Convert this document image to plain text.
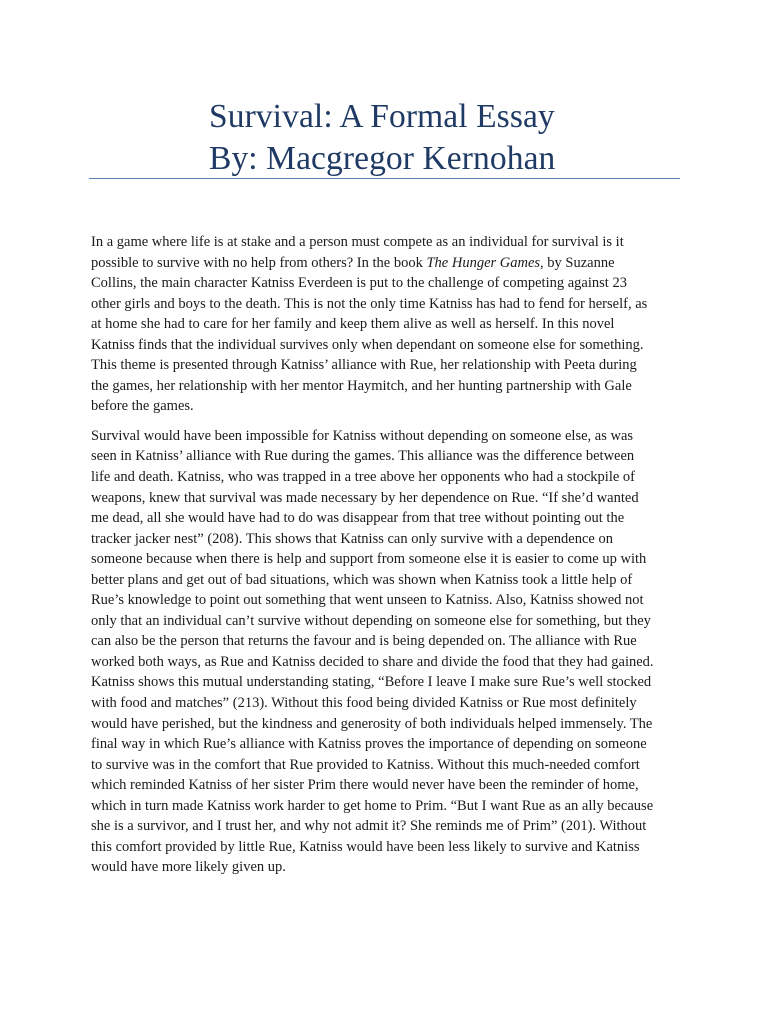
Survival: A Formal Essay
By: Macgregor Kernohan

In a game where life is at stake and a person must compete as an individual for survival is it
possible to survive with no help from others? In the book The Hunger Games, by Suzanne
Collins, the main character Katniss Everdeen is put to the challenge of competing against 23
other girls and boys to the death. This is not the only time Katniss has had to fend for herself, as
at home she had to care for her family and keep them alive as well as herself. In this novel
Katniss finds that the individual survives only when dependant on someone else for something.
This theme is presented through Katniss’ alliance with Rue, her relationship with Peeta during
the games, her relationship with her mentor Haymitch, and her hunting partnership with Gale
before the games.

Survival would have been impossible for Katniss without depending on someone else, as was
seen in Katniss’ alliance with Rue during the games. This alliance was the difference between
life and death. Katniss, who was trapped in a tree above her opponents who had a stockpile of
weapons, knew that survival was made necessary by her dependence on Rue. “If she’d wanted
me dead, all she would have had to do was disappear from that tree without pointing out the
tracker jacker nest” (208). This shows that Katniss can only survive with a dependence on
someone because when there is help and support from someone else it is easier to come up with
better plans and get out of bad situations, which was shown when Katniss took a little help of
Rue’s knowledge to point out something that went unseen to Katniss. Also, Katniss showed not
only that an individual can’t survive without depending on someone else for something, but they
can also be the person that returns the favour and is being depended on. The alliance with Rue
worked both ways, as Rue and Katniss decided to share and divide the food that they had gained.
Katniss shows this mutual understanding stating, “Before I leave I make sure Rue’s well stocked
with food and matches” (213). Without this food being divided Katniss or Rue most definitely
would have perished, but the kindness and generosity of both individuals helped immensely. The
final way in which Rue’s alliance with Katniss proves the importance of depending on someone
to survive was in the comfort that Rue provided to Katniss. Without this much-needed comfort
which reminded Katniss of her sister Prim there would never have been the reminder of home,
which in turn made Katniss work harder to get home to Prim. “But I want Rue as an ally because
she is a survivor, and I trust her, and why not admit it? She reminds me of Prim” (201). Without
this comfort provided by little Rue, Katniss would have been less likely to survive and Katniss
would have more likely given up.
